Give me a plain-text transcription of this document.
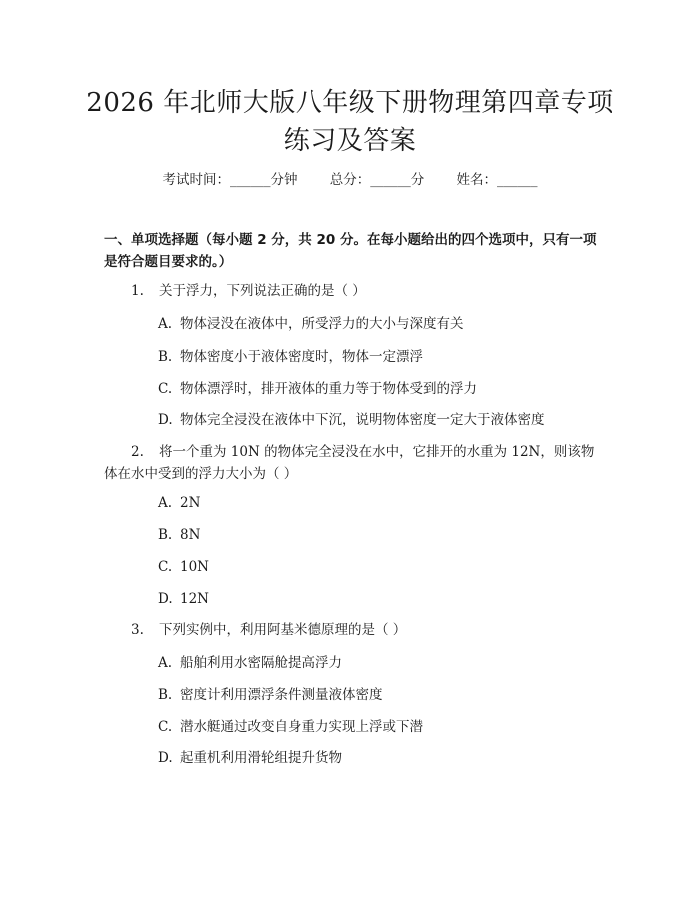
2026 年北师大版八年级下册物理第四章专项练习及答案
考试时间：______分钟 总分：______分 姓名：______
一、单项选择题（每小题 2 分，共 20 分。在每小题给出的四个选项中，只有一项是符合题目要求的。）
1. 关于浮力，下列说法正确的是（ ）
A. 物体浸没在液体中，所受浮力的大小与深度有关
B. 物体密度小于液体密度时，物体一定漂浮
C. 物体漂浮时，排开液体的重力等于物体受到的浮力
D. 物体完全浸没在液体中下沉，说明物体密度一定大于液体密度
2. 将一个重为 10N 的物体完全浸没在水中，它排开的水重为 12N，则该物体在水中受到的浮力大小为（ ）
A. 2N
B. 8N
C. 10N
D. 12N
3. 下列实例中，利用阿基米德原理的是（ ）
A. 船舶利用水密隔舱提高浮力
B. 密度计利用漂浮条件测量液体密度
C. 潜水艇通过改变自身重力实现上浮或下潜
D. 起重机利用滑轮组提升货物
